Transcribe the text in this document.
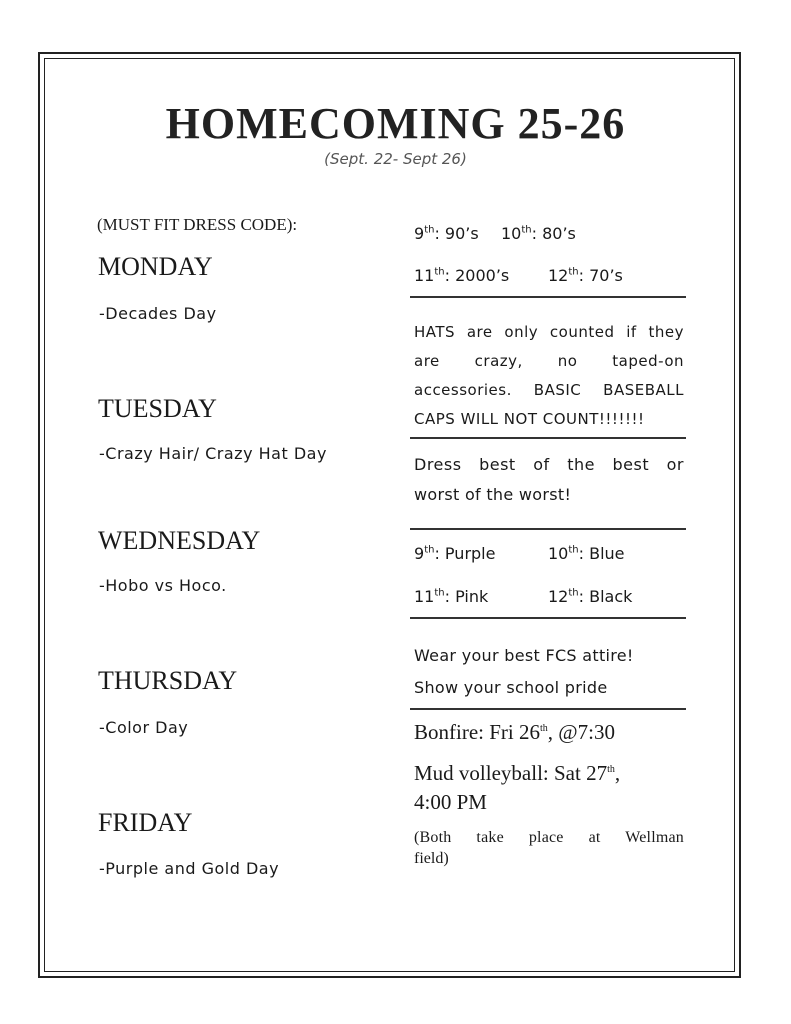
HOMECOMING 25-26
(Sept. 22- Sept 26)
(MUST FIT DRESS CODE):
MONDAY
-Decades Day
TUESDAY
-Crazy Hair/ Crazy Hat Day
WEDNESDAY
-Hobo vs Hoco.
THURSDAY
-Color Day
FRIDAY
-Purple and Gold Day
9th: 90’s 10th: 80’s
11th: 2000’s 12th: 70’s
HATS are only counted if they
are crazy, no taped-on
accessories. BASIC BASEBALL
CAPS WILL NOT COUNT!!!!!!!
Dress best of the best or
worst of the worst!
9th: Purple	10th: Blue
11th: Pink	12th: Black
Wear your best FCS attire!
Show your school pride
Bonfire: Fri 26th, @7:30
Mud volleyball: Sat 27th,
4:00 PM
(Both take place at Wellman
field)
